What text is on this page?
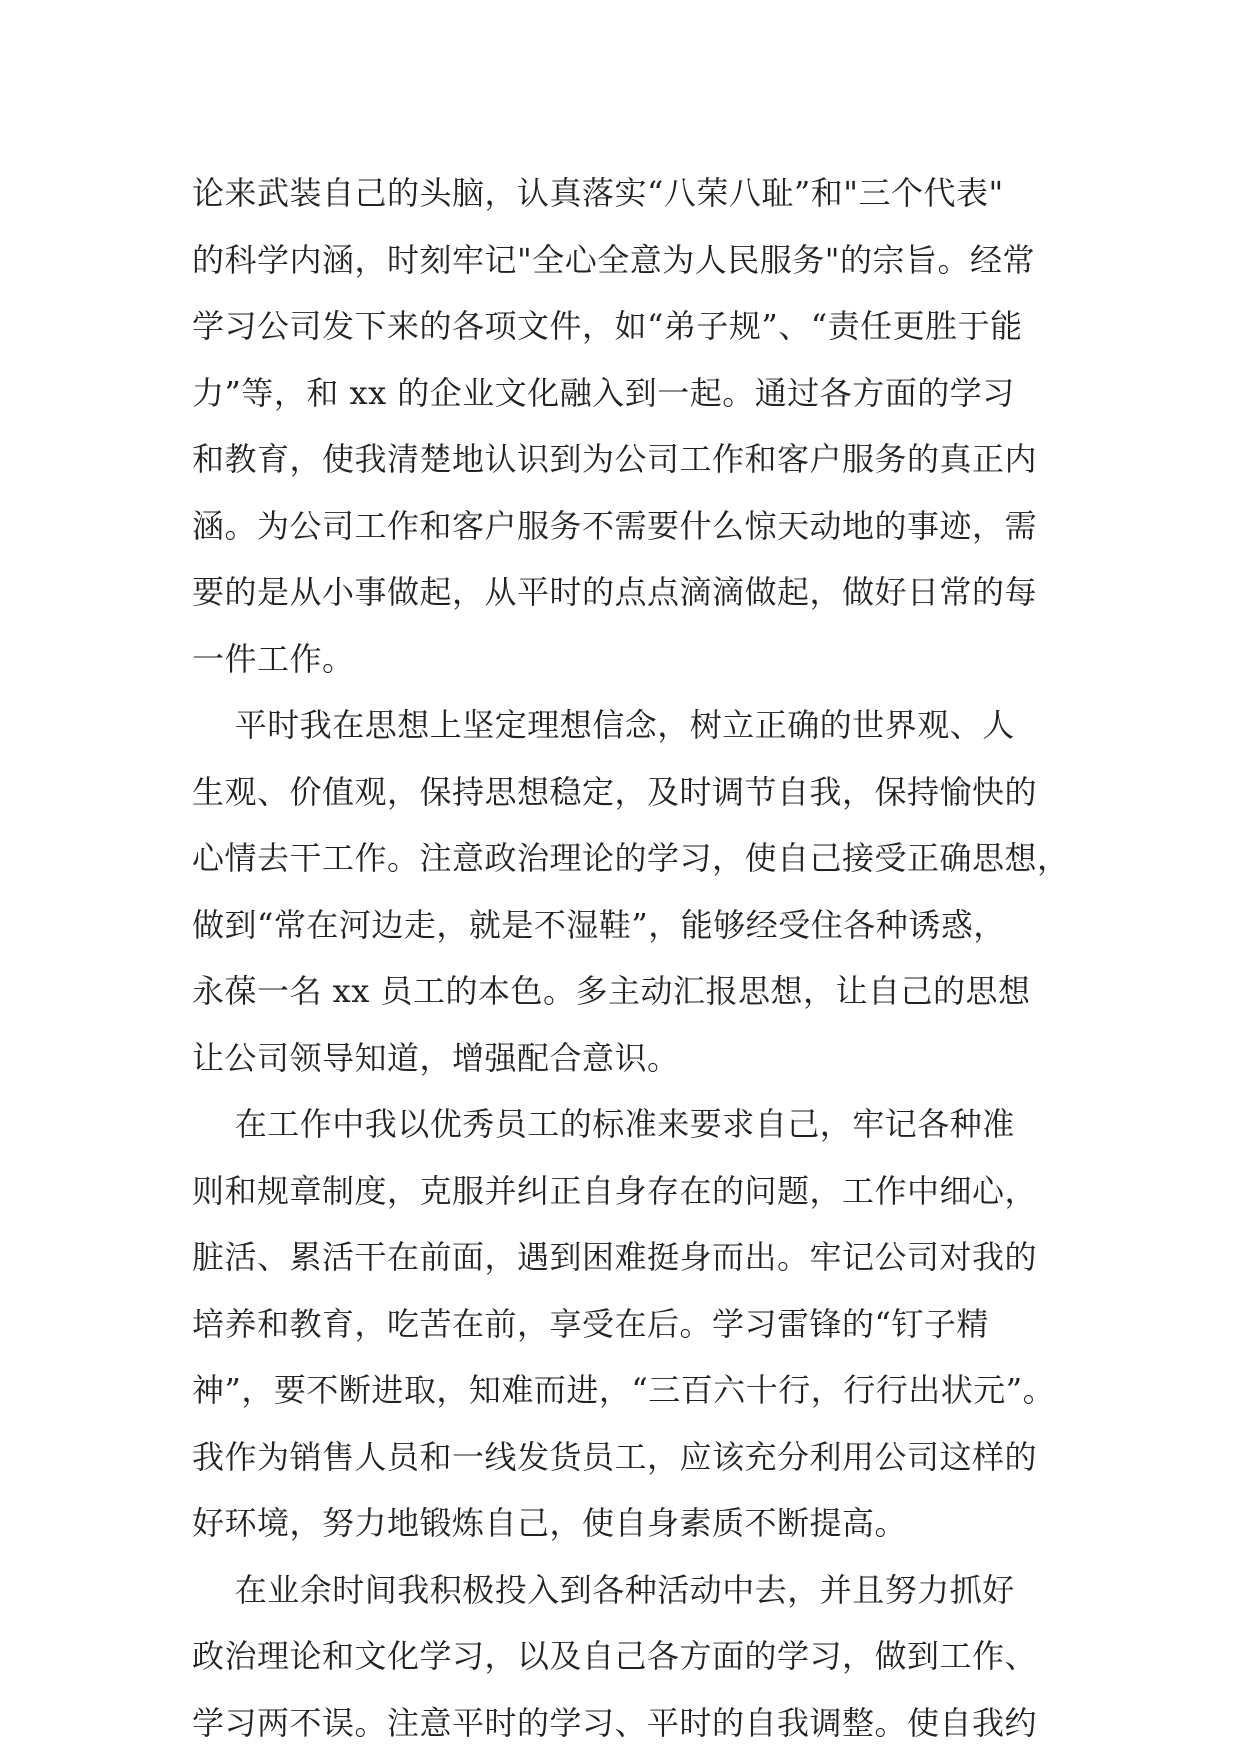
论来武装自己的头脑，认真落实“八荣八耻”和"三个代表"
的科学内涵，时刻牢记"全心全意为人民服务"的宗旨。经常
学习公司发下来的各项文件，如“弟子规”、“责任更胜于能
力”等，和 xx 的企业文化融入到一起。通过各方面的学习
和教育，使我清楚地认识到为公司工作和客户服务的真正内
涵。为公司工作和客户服务不需要什么惊天动地的事迹，需
要的是从小事做起，从平时的点点滴滴做起，做好日常的每
一件工作。
平时我在思想上坚定理想信念，树立正确的世界观、人
生观、价值观，保持思想稳定，及时调节自我，保持愉快的
心情去干工作。注意政治理论的学习，使自己接受正确思想，
做到“常在河边走，就是不湿鞋”，能够经受住各种诱惑，
永葆一名 xx 员工的本色。多主动汇报思想，让自己的思想
让公司领导知道，增强配合意识。
在工作中我以优秀员工的标准来要求自己，牢记各种准
则和规章制度，克服并纠正自身存在的问题，工作中细心，
脏活、累活干在前面，遇到困难挺身而出。牢记公司对我的
培养和教育，吃苦在前，享受在后。学习雷锋的“钉子精
神”，要不断进取，知难而进，“三百六十行，行行出状元”。
我作为销售人员和一线发货员工，应该充分利用公司这样的
好环境，努力地锻炼自己，使自身素质不断提高。
在业余时间我积极投入到各种活动中去，并且努力抓好
政治理论和文化学习，以及自己各方面的学习，做到工作、
学习两不误。注意平时的学习、平时的自我调整。使自我约
